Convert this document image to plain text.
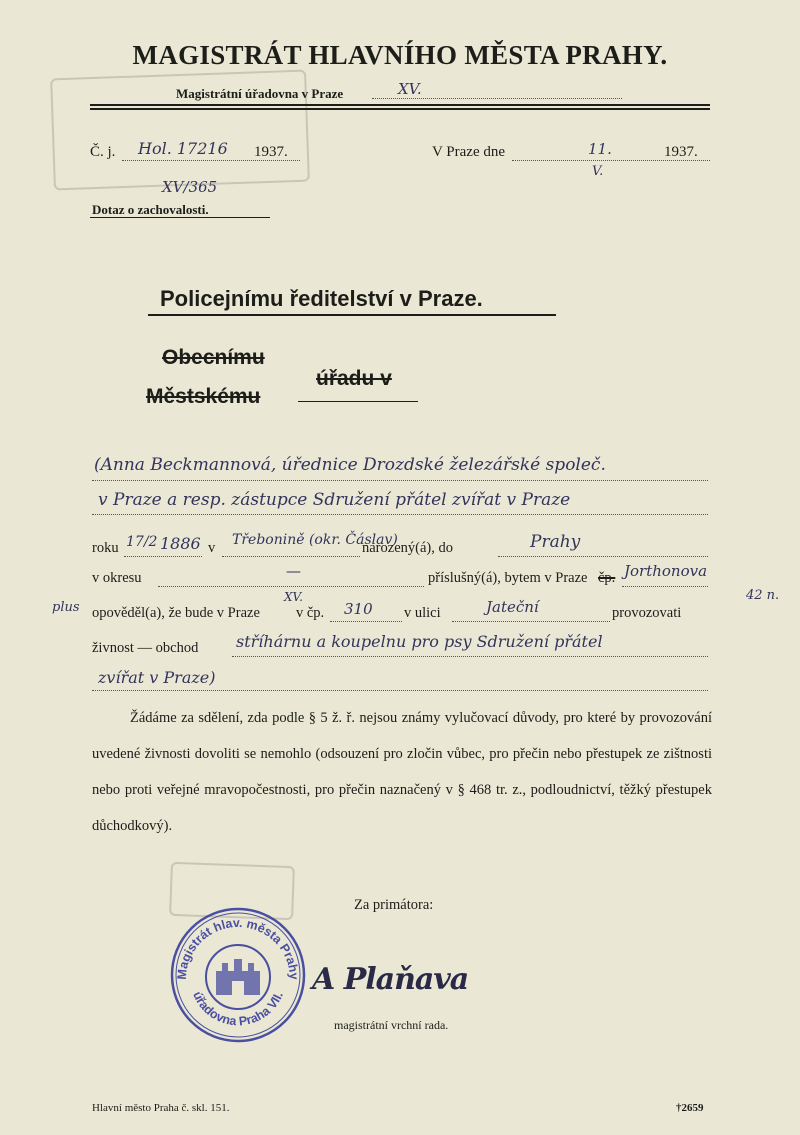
MAGISTRÁT HLAVNÍHO MĚSTA PRAHY.
Magistrátní úřadovna v Praze	XV.
Č. j. Hol. 17216 1937.	V Praze dne	11.
V.
1937.
XV/365
Dotaz o zachovalosti.
Policejnímu ředitelství v Praze.
Obecnímu
Městskému
úřadu v
(Anna Beckmannová, úřednice Drozdské železářské společ.
v Praze a resp. zástupce Sdružení přátel zvířat v Praze
roku 17/2 1886 v Třebonině (okr. Čáslav)
narozený(á), do	Prahy
v okresu	—	příslušný(á), bytem v Praze čp. Jorthonova
42 n.
plus opověděl(a), že bude v Praze
XV.
v čp. 310 v ulici	Jateční	provozovati
živnost — obchod stříhárnu a koupelnu pro psy Sdružení přátel
zvířat v Praze)
Žádáme za sdělení, zda podle § 5 ž. ř. nejsou známy vylučovací důvody, pro které by provozování uvedené živnosti dovoliti se nemohlo (odsouzení pro zločin vůbec, pro přečin nebo přestupek ze zištnosti nebo proti veřejné mravopočestnosti, pro přečin naznačený v § 468 tr. z., podloudnictví, těžký přestupek důchodkový).
Za primátora:
A Plaňava
magistrátní vrchní rada.
Magistrát hlav. města Prahy
úřadovna Praha VII.
Hlavní město Praha č. skl. 151.	†2659
